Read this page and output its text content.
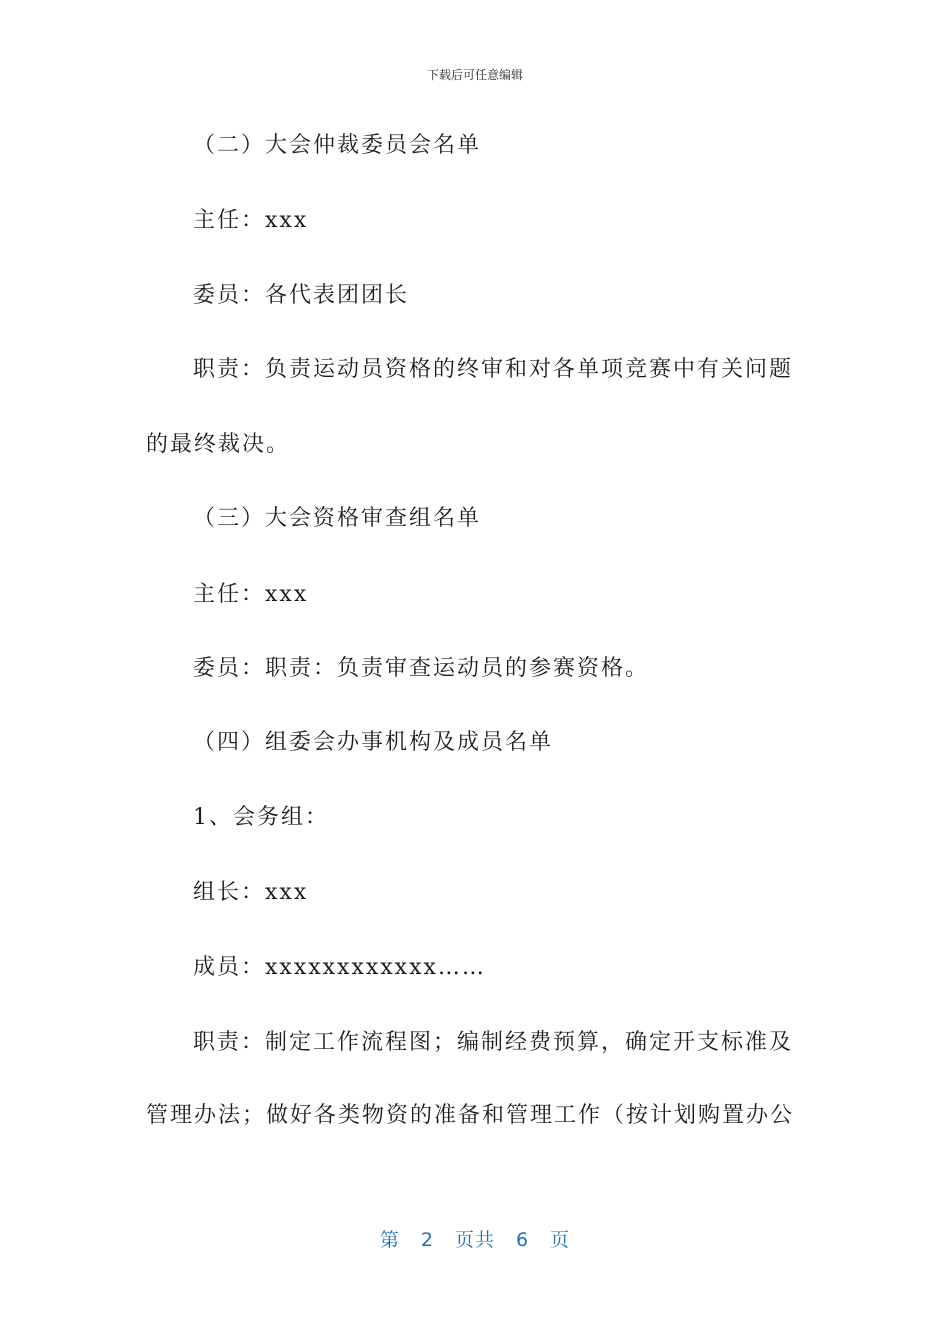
下载后可任意编辑
（二）大会仲裁委员会名单
主任：xxx
委员：各代表团团长
职责：负责运动员资格的终审和对各单项竞赛中有关问题
的最终裁决。
（三）大会资格审查组名单
主任：xxx
委员：职责：负责审查运动员的参赛资格。
（四）组委会办事机构及成员名单
1、会务组：
组长：xxx
成员：xxxxxxxxxxxx……
职责：制定工作流程图；编制经费预算，确定开支标准及
管理办法；做好各类物资的准备和管理工作（按计划购置办公
第 2 页共 6 页
